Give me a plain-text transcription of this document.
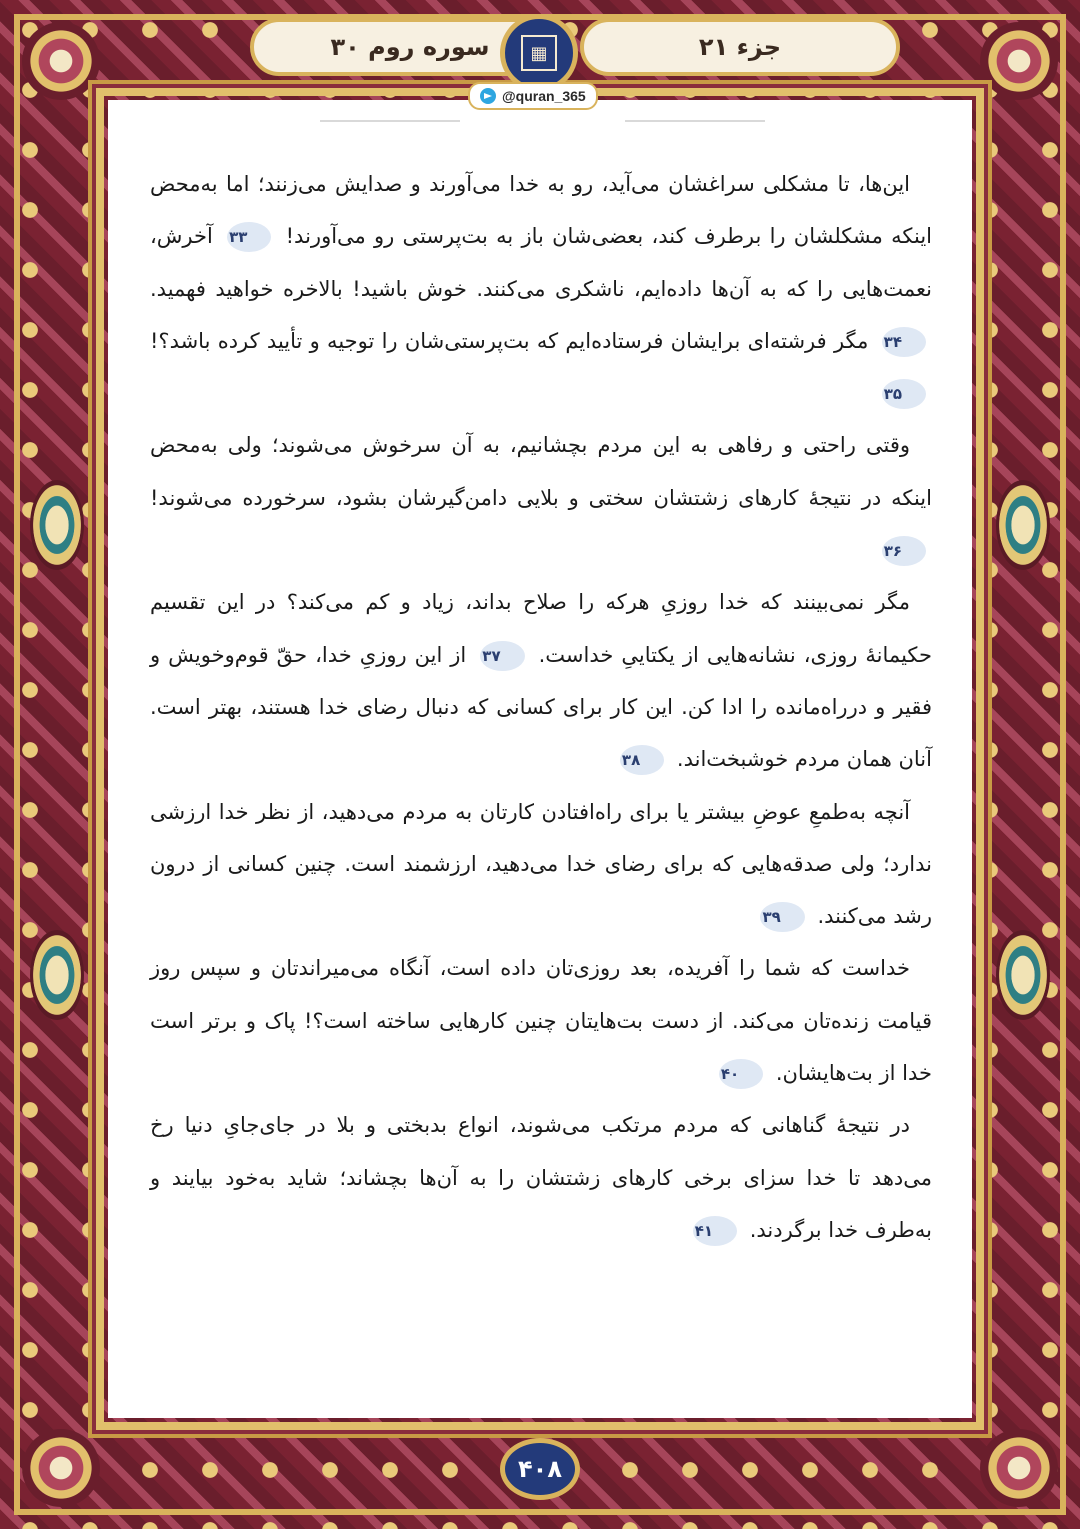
سوره روم ۳۰	▦	جزء ۲۱
@quran_365

این‌ها، تا مشکلی سراغشان می‌آید، رو به خدا می‌آورند و صدایش می‌زنند؛ اما به‌محض اینکه مشکلشان را برطرف کند، بعضی‌شان باز به بت‌پرستی رو می‌آورند! ۳۳ آخرش، نعمت‌هایی را که به آن‌ها داده‌ایم، ناشکری می‌کنند. خوش باشید! بالاخره خواهید فهمید. ۳۴ مگر فرشته‌ای برایشان فرستاده‌ایم که بت‌پرستی‌شان را توجیه و تأیید کرده باشد؟! ۳۵

وقتی راحتی و رفاهی به این مردم بچشانیم، به آن سرخوش می‌شوند؛ ولی به‌محض اینکه در نتیجهٔ کارهای زشتشان سختی و بلایی دامن‌گیرشان بشود، سرخورده می‌شوند! ۳۶

مگر نمی‌بینند که خدا روزیِ هرکه را صلاح بداند، زیاد و کم می‌کند؟ در این تقسیم حکیمانهٔ روزی، نشانه‌هایی از یکتاییِ خداست. ۳۷ از این روزیِ خدا، حقّ قوم‌وخویش و فقیر و درراه‌مانده را ادا کن. این کار برای کسانی که دنبال رضای خدا هستند، بهتر است. آنان همان مردم خوشبخت‌اند. ۳۸

آنچه به‌طمعِ عوضِ بیشتر یا برای راه‌افتادن کارتان به مردم می‌دهید، از نظر خدا ارزشی ندارد؛ ولی صدقه‌هایی که برای رضای خدا می‌دهید، ارزشمند است. چنین کسانی از درون رشد می‌کنند. ۳۹

خداست که شما را آفریده، بعد روزی‌تان داده است، آنگاه می‌میراندتان و سپس روز قیامت زنده‌تان می‌کند. از دست بت‌هایتان چنین کارهایی ساخته است؟! پاک و برتر است خدا از بت‌هایشان. ۴۰

در نتیجهٔ گناهانی که مردم مرتکب می‌شوند، انواع بدبختی و بلا در جای‌جایِ دنیا رخ می‌دهد تا خدا سزای برخی کارهای زشتشان را به آن‌ها بچشاند؛ شاید به‌خود بیایند و به‌طرف خدا برگردند. ۴۱

۴۰۸
